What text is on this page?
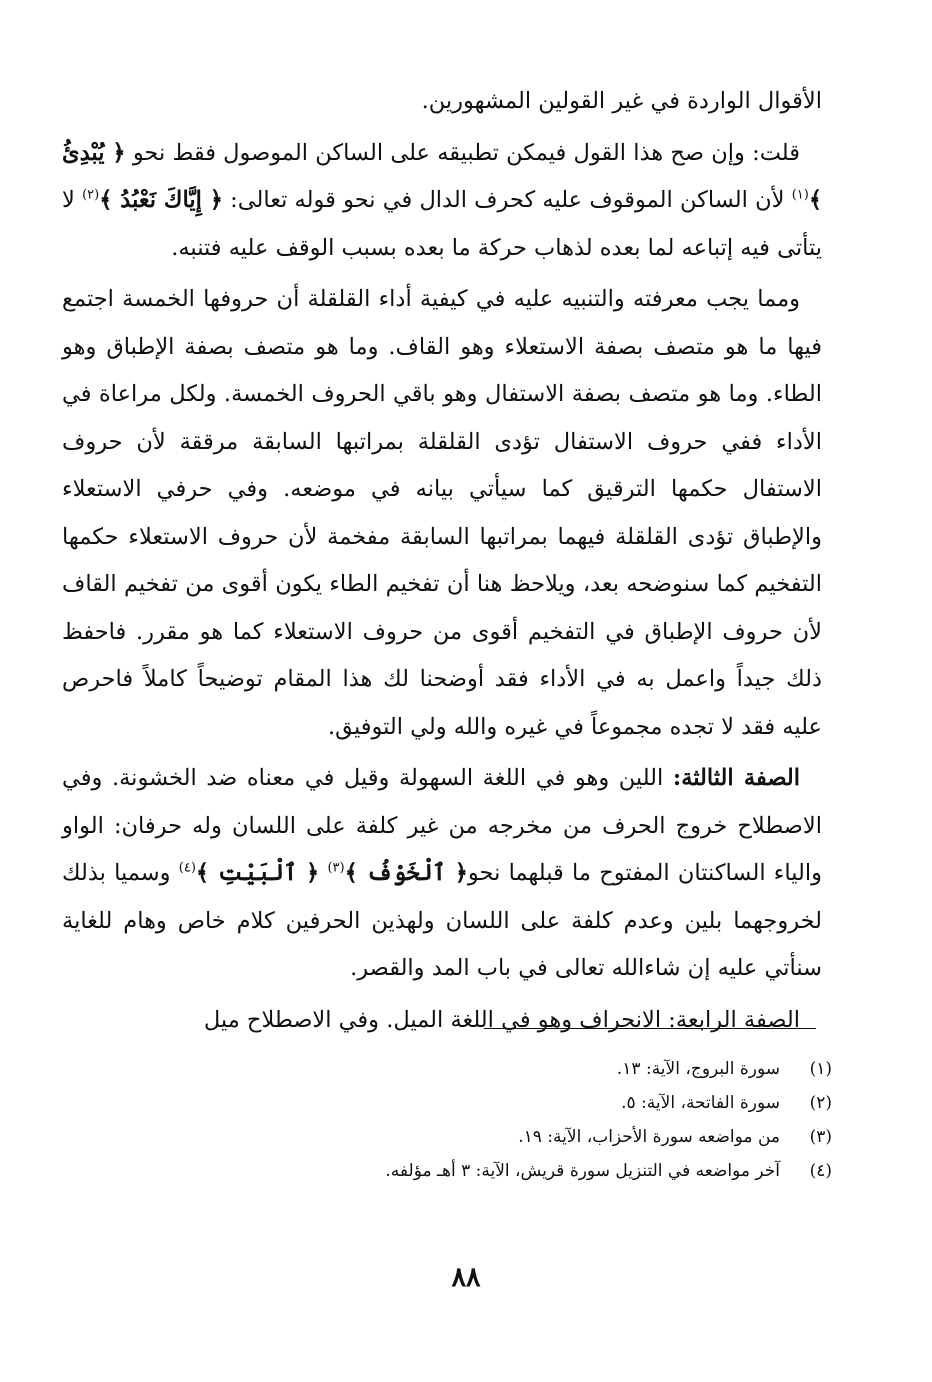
الأقوال الواردة في غير القولين المشهورين.

قلت: وإن صح هذا القول فيمكن تطبيقه على الساكن الموصول فقط نحو ﴿ يُبْدِئُ ﴾$^{(١)}$ لأن الساكن الموقوف عليه كحرف الدال في نحو قوله تعالى: ﴿ إِيَّاكَ نَعْبُدُ ﴾$^{(٢)}$ لا يتأتى فيه إتباعه لما بعده لذهاب حركة ما بعده بسبب الوقف عليه فتنبه.

ومما يجب معرفته والتنبيه عليه في كيفية أداء القلقلة أن حروفها الخمسة اجتمع فيها ما هو متصف بصفة الاستعلاء وهو القاف. وما هو متصف بصفة الإطباق وهو الطاء. وما هو متصف بصفة الاستفال وهو باقي الحروف الخمسة. ولكل مراعاة في الأداء ففي حروف الاستفال تؤدى القلقلة بمراتبها السابقة مرققة لأن حروف الاستفال حكمها الترقيق كما سيأتي بيانه في موضعه. وفي حرفي الاستعلاء والإطباق تؤدى القلقلة فيهما بمراتبها السابقة مفخمة لأن حروف الاستعلاء حكمها التفخيم كما سنوضحه بعد، ويلاحظ هنا أن تفخيم الطاء يكون أقوى من تفخيم القاف لأن حروف الإطباق في التفخيم أقوى من حروف الاستعلاء كما هو مقرر. فاحفظ ذلك جيداً واعمل به في الأداء فقد أوضحنا لك هذا المقام توضيحاً كاملاً فاحرص عليه فقد لا تجده مجموعاً في غيره والله ولي التوفيق.

الصفة الثالثة: اللين وهو في اللغة السهولة وقيل في معناه ضد الخشونة. وفي الاصطلاح خروج الحرف من مخرجه من غير كلفة على اللسان وله حرفان: الواو والياء الساكنتان المفتوح ما قبلهما نحو﴿ ٱلْخَوْفُ ﴾$^{(٣)}$ ﴿ ٱلْبَيْتِ ﴾$^{(٤)}$ وسميا بذلك لخروجهما بلين وعدم كلفة على اللسان ولهذين الحرفين كلام خاص وهام للغاية سنأتي عليه إن شاءالله تعالى في باب المد والقصر.

الصفة الرابعة: الانحراف وهو في اللغة الميل. وفي الاصطلاح ميل

(١)
سورة البروج، الآية: ١٣.
(٢)
سورة الفاتحة، الآية: ٥.
(٣)
من مواضعه سورة الأحزاب، الآية: ١٩.
(٤)
آخر مواضعه في التنزيل سورة قريش، الآية: ٣ أهـ مؤلفه.
٨٨
